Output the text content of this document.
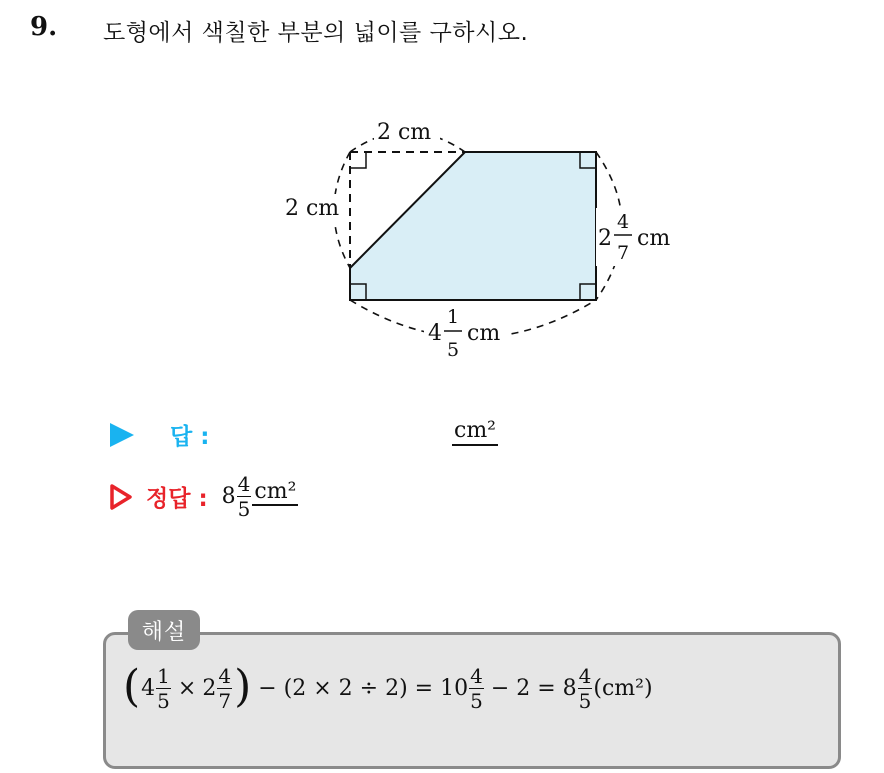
9. 도형에서 색칠한 부분의 넓이를 구하시오.
2 cm
2 cm
2
4
7
cm
4
1
5
cm
답 :	cm²
정답 : $8 \frac{4}{5} cm^2$
해설
( $4 \frac{1}{5} \times 2 \frac{4}{7}$ ) − $(2 \times 2 \div 2) = 10 \frac{4}{5} - 2 = 8 \frac{4}{5} (cm^2)$
